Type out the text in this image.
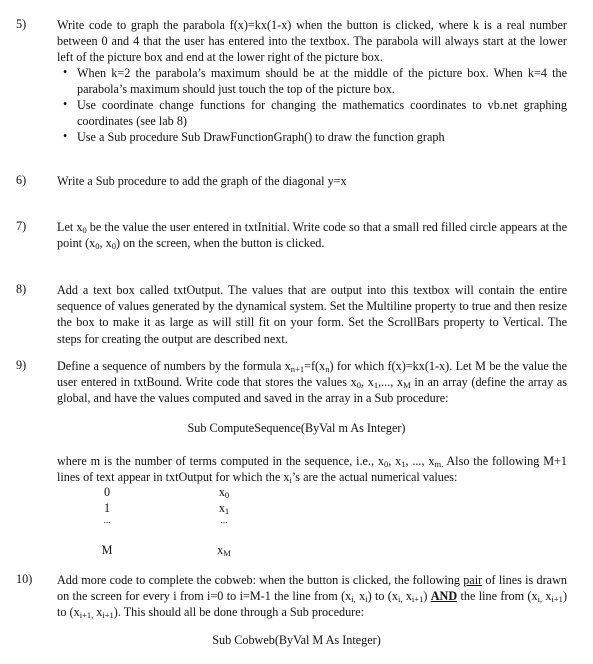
5)	Write code to graph the parabola f(x)=kx(1-x) when the button is clicked, where k is a real number between 0 and 4 that the user has entered into the textbox. The parabola will always start at the lower left of the picture box and end at the lower right of the picture box.
• When k=2 the parabola’s maximum should be at the middle of the picture box. When k=4 the parabola’s maximum should just touch the top of the picture box.
• Use coordinate change functions for changing the mathematics coordinates to vb.net graphing coordinates (see lab 8)
• Use a Sub procedure Sub DrawFunctionGraph() to draw the function graph
6)	Write a Sub procedure to add the graph of the diagonal y=x
7)	Let $x_0$ be the value the user entered in txtInitial. Write code so that a small red filled circle appears at the point ($x_0$, $x_0$) on the screen, when the button is clicked.
8)	Add a text box called txtOutput. The values that are output into this textbox will contain the entire sequence of values generated by the dynamical system. Set the Multiline property to true and then resize the box to make it as large as will still fit on your form. Set the ScrollBars property to Vertical. The steps for creating the output are described next.
9)	Define a sequence of numbers by the formula $x_{n+1}=f(x_n)$ for which f(x)=kx(1-x). Let M be the value the user entered in txtBound. Write code that stores the values $x_0$, $x_1$,..., $x_M$ in an array (define the array as global, and have the values computed and saved in the array in a Sub procedure:
Sub ComputeSequence(ByVal m As Integer)
where m is the number of terms computed in the sequence, i.e., $x_0$, $x_1$, ..., $x_{m.}$ Also the following M+1 lines of text appear in txtOutput for which the $x_i’s$ are the actual numerical values:
0	$x_0$
1	$x_1$
...	...
M	$x_M$
10) Add more code to complete the cobweb: when the button is clicked, the following pair of lines is drawn on the screen for every i from i=0 to i=M-1 the line from ($x_{i,}$ $x_i$) to ($x_{i,}$ $x_{i+1}$) AND the line from ($x_{i,}$ $x_{i+1}$) to ($x_{i+1,}$ $x_{i+1}$). This should all be done through a Sub procedure:
Sub Cobweb(ByVal M As Integer)
